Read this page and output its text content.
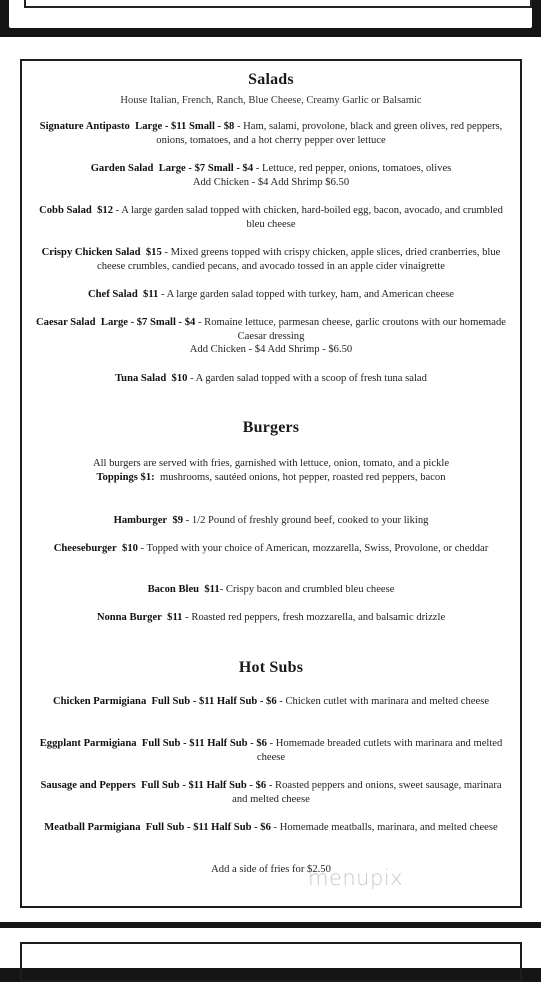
Salads
House Italian, French, Ranch, Blue Cheese, Creamy Garlic or Balsamic
Signature Antipasto Large - $11 Small - $8 - Ham, salami, provolone, black and green olives, red peppers, onions, tomatoes, and a hot cherry pepper over lettuce
Garden Salad Large - $7 Small - $4 - Lettuce, red pepper, onions, tomatoes, olives
Add Chicken - $4 Add Shrimp $6.50
Cobb Salad $12 - A large garden salad topped with chicken, hard-boiled egg, bacon, avocado, and crumbled bleu cheese
Crispy Chicken Salad $15 - Mixed greens topped with crispy chicken, apple slices, dried cranberries, blue cheese crumbles, candied pecans, and avocado tossed in an apple cider vinaigrette
Chef Salad $11 - A large garden salad topped with turkey, ham, and American cheese
Caesar Salad Large - $7 Small - $4 - Romaine lettuce, parmesan cheese, garlic croutons with our homemade Caesar dressing
Add Chicken - $4 Add Shrimp - $6.50
Tuna Salad $10 - A garden salad topped with a scoop of fresh tuna salad
Burgers
All burgers are served with fries, garnished with lettuce, onion, tomato, and a pickle
Toppings $1: mushrooms, sautéed onions, hot pepper, roasted red peppers, bacon
Hamburger $9 - 1/2 Pound of freshly ground beef, cooked to your liking
Cheeseburger $10 - Topped with your choice of American, mozzarella, Swiss, Provolone, or cheddar
Bacon Bleu $11- Crispy bacon and crumbled bleu cheese
Nonna Burger $11 - Roasted red peppers, fresh mozzarella, and balsamic drizzle
Hot Subs
Chicken Parmigiana Full Sub - $11 Half Sub - $6 - Chicken cutlet with marinara and melted cheese
Eggplant Parmigiana Full Sub - $11 Half Sub - $6 - Homemade breaded cutlets with marinara and melted cheese
Sausage and Peppers Full Sub - $11 Half Sub - $6 - Roasted peppers and onions, sweet sausage, marinara and melted cheese
Meatball Parmigiana Full Sub - $11 Half Sub - $6 - Homemade meatballs, marinara, and melted cheese
Add a side of fries for $2.50
menupix
